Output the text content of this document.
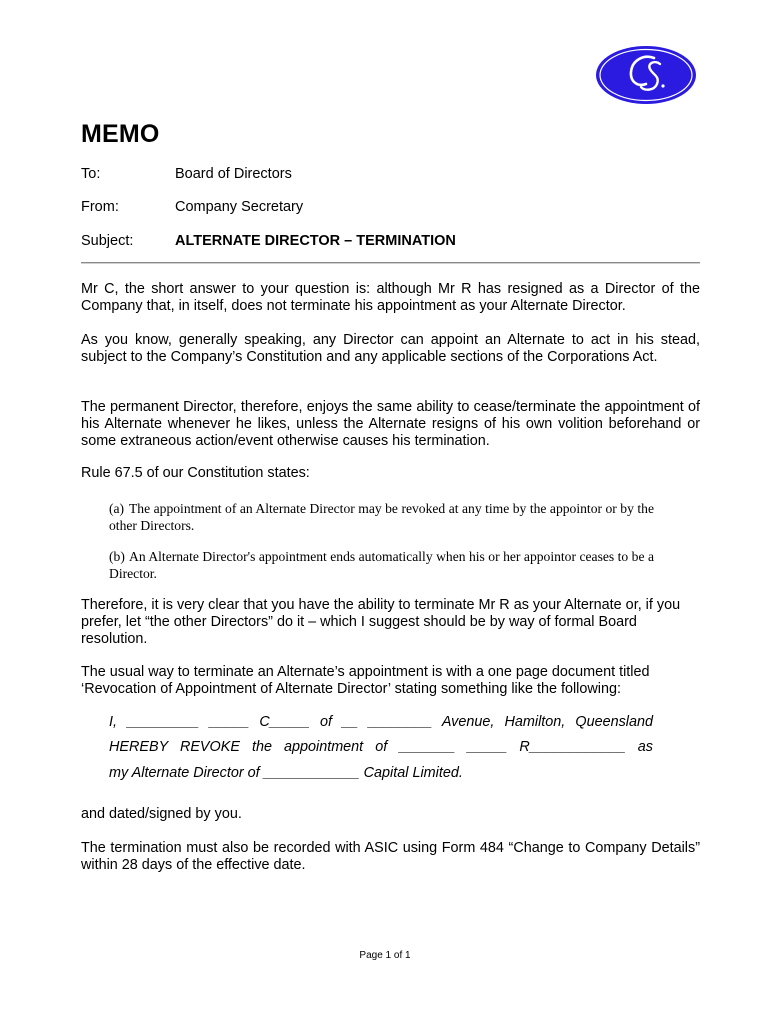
MEMO
To:	Board of Directors
From:	Company Secretary
Subject:	ALTERNATE DIRECTOR – TERMINATION

Mr C, the short answer to your question is: although Mr R has resigned as a Director of the Company that, in itself, does not terminate his appointment as your Alternate Director.

As you know, generally speaking, any Director can appoint an Alternate to act in his stead, subject to the Company’s Constitution and any applicable sections of the Corporations Act.

The permanent Director, therefore, enjoys the same ability to cease/terminate the appointment of his Alternate whenever he likes, unless the Alternate resigns of his own volition beforehand or some extraneous action/event otherwise causes his termination.

Rule 67.5 of our Constitution states:

(a) The appointment of an Alternate Director may be revoked at any time by the appointor or by the other Directors.

(b) An Alternate Director's appointment ends automatically when his or her appointor ceases to be a Director.

Therefore, it is very clear that you have the ability to terminate Mr R as your Alternate or, if you prefer, let “the other Directors” do it – which I suggest should be by way of formal Board resolution.

The usual way to terminate an Alternate’s appointment is with a one page document titled ‘Revocation of Appointment of Alternate Director’ stating something like the following:

I, _________ _____ C_____ of __ ________ Avenue, Hamilton, Queensland

HEREBY REVOKE the appointment of _______ _____ R____________ as

my Alternate Director of ____________ Capital Limited.

and dated/signed by you.

The termination must also be recorded with ASIC using Form 484 “Change to Company Details” within 28 days of the effective date.

Page 1 of 1
